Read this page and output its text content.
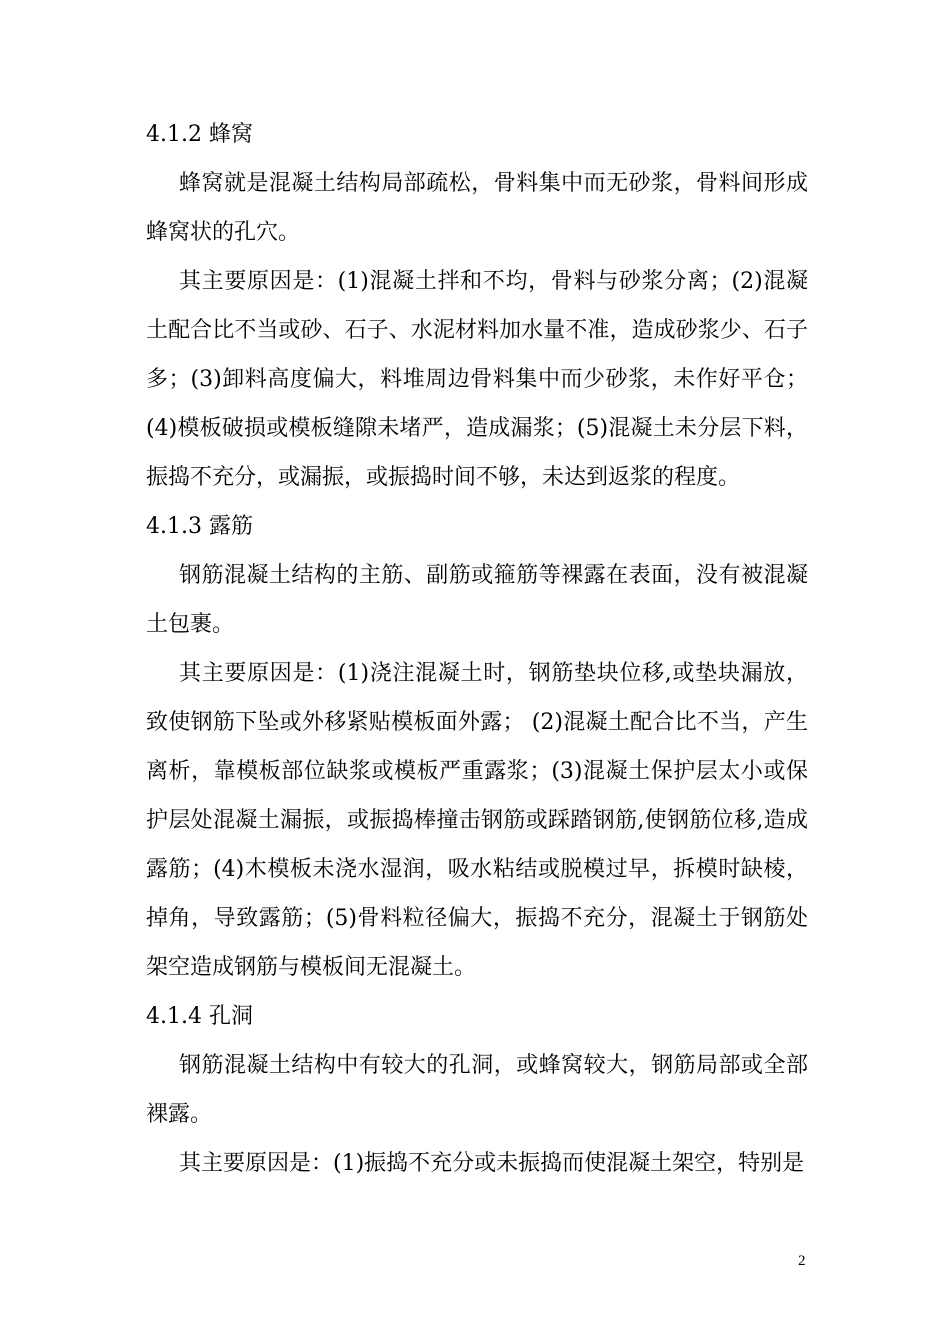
4.1.2 蜂窝

蜂窝就是混凝土结构局部疏松，骨料集中而无砂浆，骨料间形成蜂窝状的孔穴。

其主要原因是：(1)混凝土拌和不均，骨料与砂浆分离；(2)混凝土配合比不当或砂、石子、水泥材料加水量不准，造成砂浆少、石子多；(3)卸料高度偏大，料堆周边骨料集中而少砂浆，未作好平仓；(4)模板破损或模板缝隙未堵严，造成漏浆；(5)混凝土未分层下料，振捣不充分，或漏振，或振捣时间不够，未达到返浆的程度。

4.1.3 露筋

钢筋混凝土结构的主筋、副筋或箍筋等裸露在表面，没有被混凝土包裹。

其主要原因是：(1)浇注混凝土时，钢筋垫块位移,或垫块漏放，致使钢筋下坠或外移紧贴模板面外露； (2)混凝土配合比不当，产生离析，靠模板部位缺浆或模板严重露浆；(3)混凝土保护层太小或保护层处混凝土漏振，或振捣棒撞击钢筋或踩踏钢筋,使钢筋位移,造成露筋；(4)木模板未浇水湿润，吸水粘结或脱模过早，拆模时缺棱，掉角，导致露筋；(5)骨料粒径偏大，振捣不充分，混凝土于钢筋处架空造成钢筋与模板间无混凝土。

4.1.4 孔洞

钢筋混凝土结构中有较大的孔洞，或蜂窝较大，钢筋局部或全部裸露。

其主要原因是：(1)振捣不充分或未振捣而使混凝土架空，特别是

2
